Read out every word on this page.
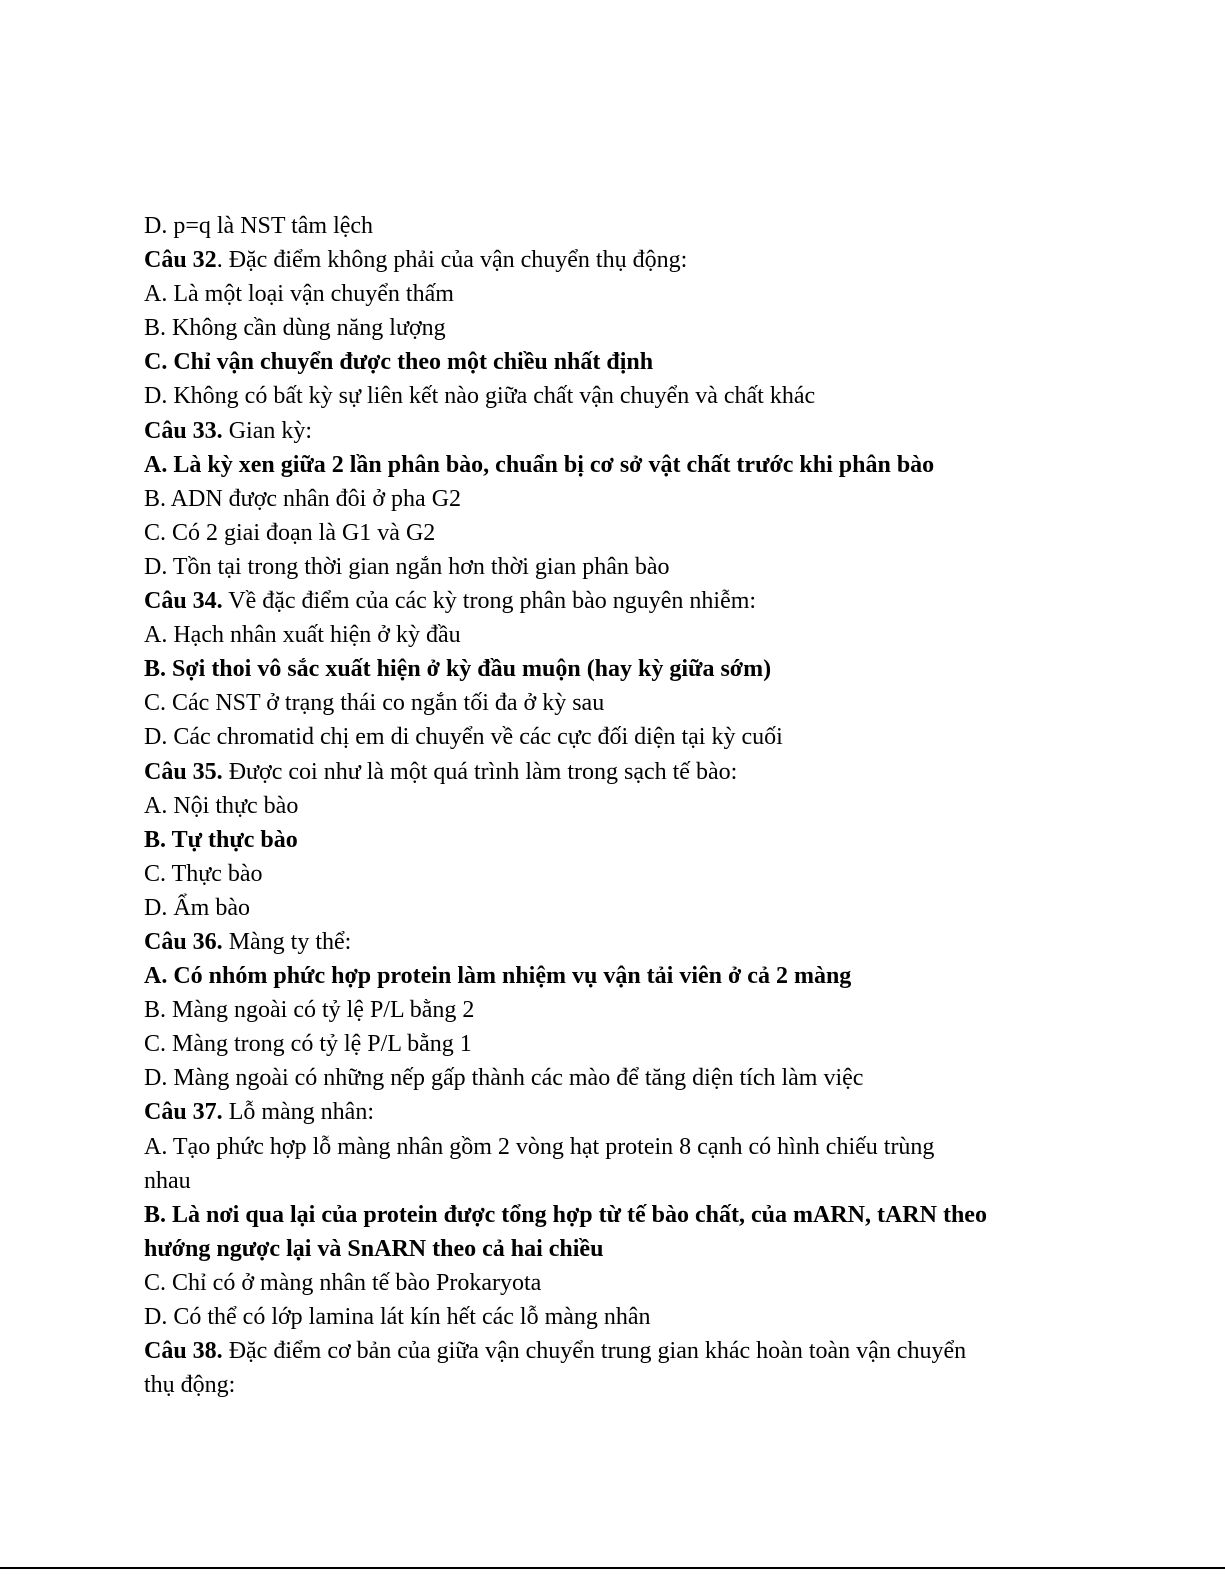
D. p=q là NST tâm lệch

Câu 32. Đặc điểm không phải của vận chuyển thụ động:

A. Là một loại vận chuyển thấm

B. Không cần dùng năng lượng

C. Chỉ vận chuyển được theo một chiều nhất định

D. Không có bất kỳ sự liên kết nào giữa chất vận chuyển và chất khác

Câu 33. Gian kỳ:

A. Là kỳ xen giữa 2 lần phân bào, chuẩn bị cơ sở vật chất trước khi phân bào

B. ADN được nhân đôi ở pha G2

C. Có 2 giai đoạn là G1 và G2

D. Tồn tại trong thời gian ngắn hơn thời gian phân bào

Câu 34. Về đặc điểm của các kỳ trong phân bào nguyên nhiễm:

A. Hạch nhân xuất hiện ở kỳ đầu

B. Sợi thoi vô sắc xuất hiện ở kỳ đầu muộn (hay kỳ giữa sớm)

C. Các NST ở trạng thái co ngắn tối đa ở kỳ sau

D. Các chromatid chị em di chuyển về các cực đối diện tại kỳ cuối

Câu 35. Được coi như là một quá trình làm trong sạch tế bào:

A. Nội thực bào

B. Tự thực bào

C. Thực bào

D. Ẩm bào

Câu 36. Màng ty thể:

A. Có nhóm phức hợp protein làm nhiệm vụ vận tải viên ở cả 2 màng

B. Màng ngoài có tỷ lệ P/L bằng 2

C. Màng trong có tỷ lệ P/L bằng 1

D. Màng ngoài có những nếp gấp thành các mào để tăng diện tích làm việc

Câu 37. Lỗ màng nhân:

A. Tạo phức hợp lỗ màng nhân gồm 2 vòng hạt protein 8 cạnh có hình chiếu trùng

nhau

B. Là nơi qua lại của protein được tổng hợp từ tế bào chất, của mARN, tARN theo

hướng ngược lại và SnARN theo cả hai chiều

C. Chỉ có ở màng nhân tế bào Prokaryota

D. Có thể có lớp lamina lát kín hết các lỗ màng nhân

Câu 38. Đặc điểm cơ bản của giữa vận chuyển trung gian khác hoàn toàn vận chuyển

thụ động:
